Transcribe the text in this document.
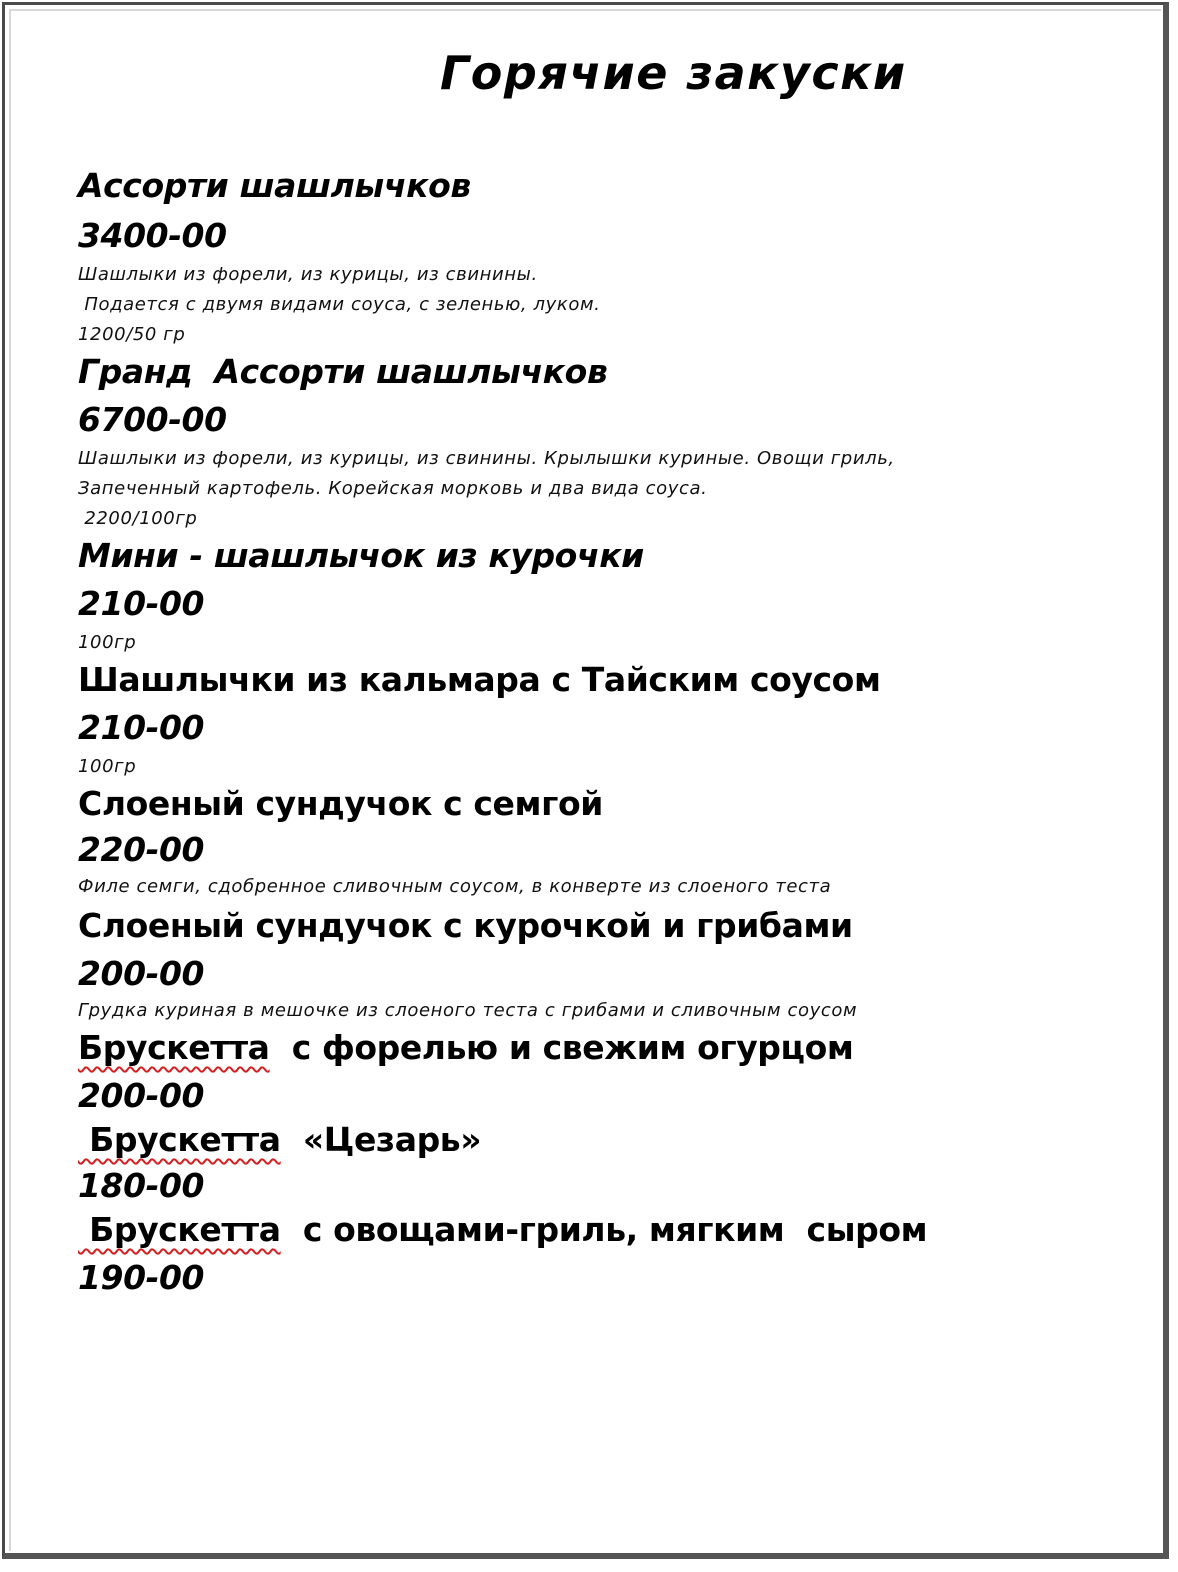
Горячие закуски
Ассорти шашлычков
3400-00
Шашлыки из форели, из курицы, из свинины.
Подается с двумя видами соуса, с зеленью, луком.
1200/50 гр
Гранд  Ассорти шашлычков
6700-00
Шашлыки из форели, из курицы, из свинины. Крылышки куриные. Овощи гриль,
Запеченный картофель. Корейская морковь и два вида соуса.
2200/100гр
Мини - шашлычок из курочки
210-00
100гр
Шашлычки из кальмара с Тайским соусом
210-00
100гр
Слоеный сундучок с семгой
220-00
Филе семги, сдобренное сливочным соусом, в конверте из слоеного теста
Слоеный сундучок с курочкой и грибами
200-00
Грудка куриная в мешочке из слоеного теста с грибами и сливочным соусом
Брускетта  с форелью и свежим огурцом
200-00
Брускетта  «Цезарь»
180-00
Брускетта  с овощами-гриль, мягким  сыром
190-00
